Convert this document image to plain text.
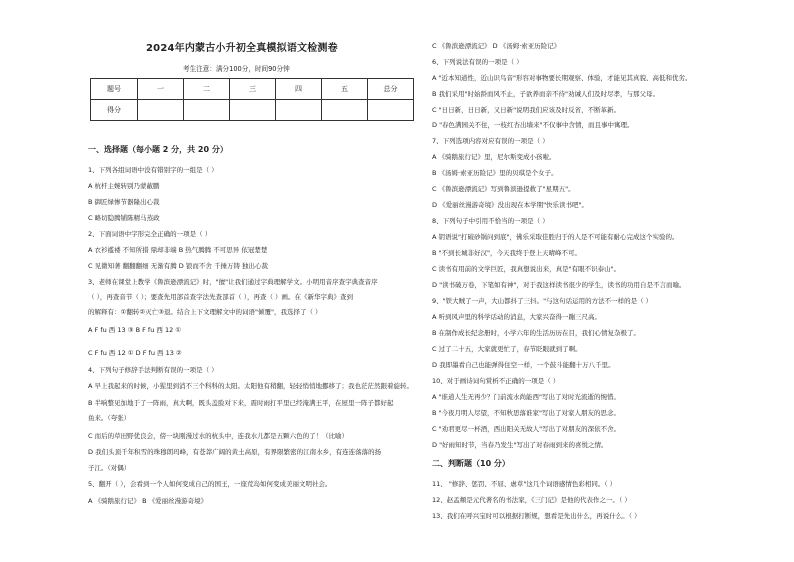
2024年内蒙古小升初全真模拟语文检测卷
考生注意：满分100分，时间90分钟
题号	一	二	三	四	五	总分
得分						
一、选择题（每小题 2 分，共 20 分）
1、下列各组词语中没有错别字的一组是（ ）
A 杭杆主婉转别乃蒙蔽鹏
B 御匠绿惨节器隆出心裁
C 略切隐腾铺陈精马蒸政
2、下面词语中字形完全正确的一项是（ ）
A 衣衫褴褛 不知所措 鼎却非端 B 热气腾腾 不可思异 依冠楚楚
C 见微知著 翻翻翻细 无渐有腾 D 锒而不舍 千捶万铸 独出心裁
3、老师在课堂上教学《鲁滨逊漂流记》时，"擅"让我们通过字典理解学文。小明用音序查字典查音序
（ ），再查音节（ ）；要查先用部首查字法先查部首（ ），再查（ ）画。在《新华字典》查到
的解释有：①翻转②灭亡③退。结合上下文理解文中的词语"倾覆"，我选择了（ ）
A F fu 西 13 ③ B F fu 西 12 ①
C F fu 西 12 ① D F fu 西 13 ②
4、下列句子修辞手法判断有误的一项是（ ）
A 早上我起来的时候，小猩里到消不三个科科的太阳。太阳他有稍翻，轻轻悄悄地挪移了；我也茫茫然跟着旋转。
B 半响整见加地于了一阵雨，真大啊，既头盖脸对下来，震时雨打平里已经淹满王平，在屋里一阵子都好起
鱼来。（夸张）
C 而后的草田野优良会，傍一块刚漫过水的杭头中，连我水儿都是五颗六色的了！（比喻）
D 我们头顶千年积雪的珠穆朗玛峰，有苍莽广阔的黄土高原，有界限繁密的江南水乡，有连连落落的扬
子江。（对偶）
5、翻开（ ），会看到一个人如何变成自己的国王，一座荒岛如何变成美丽文明社会。
A 《骑鹅旅行记》 B 《爱丽丝漫游奇境》
C 《鲁滨逊漂流记》 D 《汤姆·索亚历险记》
6、下列说法有误的一项是（ ）
A "近本知道性，近山识鸟音"形容对事物要长期观察、体验，才能见其真貌、高低和优劣。
B 我们采用"时始龄而风不止，子欲养而亲不待"劝诫人们及时尽孝，与那父母。
C "日日新，日日新，又日新"说明我们应该及时反省，不断革新。
D "春色满园关不住，一枝红杏出墙来"不仅事中含情，而且事中寓理。
7、下列选项内容对应有误的一项是（ ）
A 《骑鹅旅行记》里，尼尔斯变成小孩啦。
B 《汤姆·索亚历险记》里的贝琪是个女子。
C 《鲁滨逊漂流记》写到鲁滨逊提救了"星期五"。
D 《爱丽丝漫游奇境》没出现在本学期"快乐读书吧"。
8、下列句子中引用不恰当的一项是（ ）
A 钥语说"打破砂锅问到底"，佛乐采取佳胜归于的人是不可能有耐心完成这个实验的。
B "不到长城非好汉"，今天我终于登上天晴峰不可。
C 读书有用前的文学巨匠，我真想说出来，真是"有眼不识泰山"。
D "读书破万卷，下笔如有神"，对于我这样读书很少的学生，读书的功用自是不言而喻。
9、"铁大贼了一声，大山都抖了三抖。"与这句话运用的方法不一样的是（ ）
A 听到风声里的科学话动的消息，大家兴奋得一蹦三尺高。
B 在制作成长纪念册时，小学六年的生活历历在目，我们心情复杂极了。
C 过了二十五，大家就更忙了，春节眨眼就到了啊。
D 我即墨看自己也能弹得住空一样，一个鼓斗能翻十万八千里。
10、对于画诗词句赏析不正确的一项是（ ）
A "谁道人生无再少？门前流水尚能西"写出了对时光流逝的惋惜。
B "今夜月明人尽望，不知秋思落谁家"写出了对家人朋友的思念。
C "劝君更尽一杯酒，西出阳关无故人"写出了对朋友的深依不舍。
D "好雨知时节，当春乃发生"写出了对春雨到来的喜悦之情。
二、判断题（10 分）
11、 "修辞、惩罚、不屈、虐草"这几个词语感情色彩相同。（ ）
12、赵孟頫是元代著名的书法家，《三门记》是他的代表作之一。（ ）
13、我们在呼兴宝时可以根据打断规，想看是先出什么，再说什么。（ ）
